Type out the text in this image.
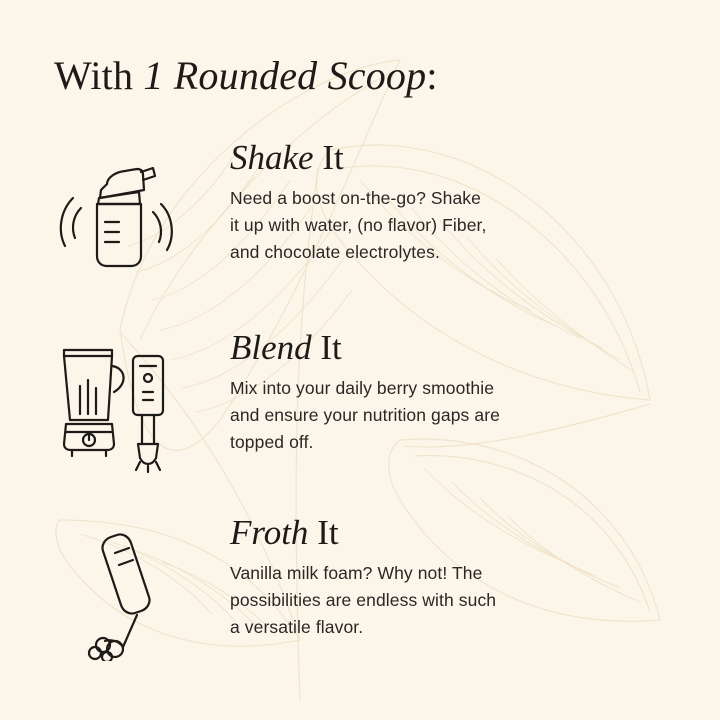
With 1 Rounded Scoop:
Shake It
Need a boost on-the-go? Shake
it up with water, (no flavor) Fiber,
and chocolate electrolytes.
Blend It
Mix into your daily berry smoothie
and ensure your nutrition gaps are
topped off.
Froth It
Vanilla milk foam? Why not! The
possibilities are endless with such
a versatile flavor.
